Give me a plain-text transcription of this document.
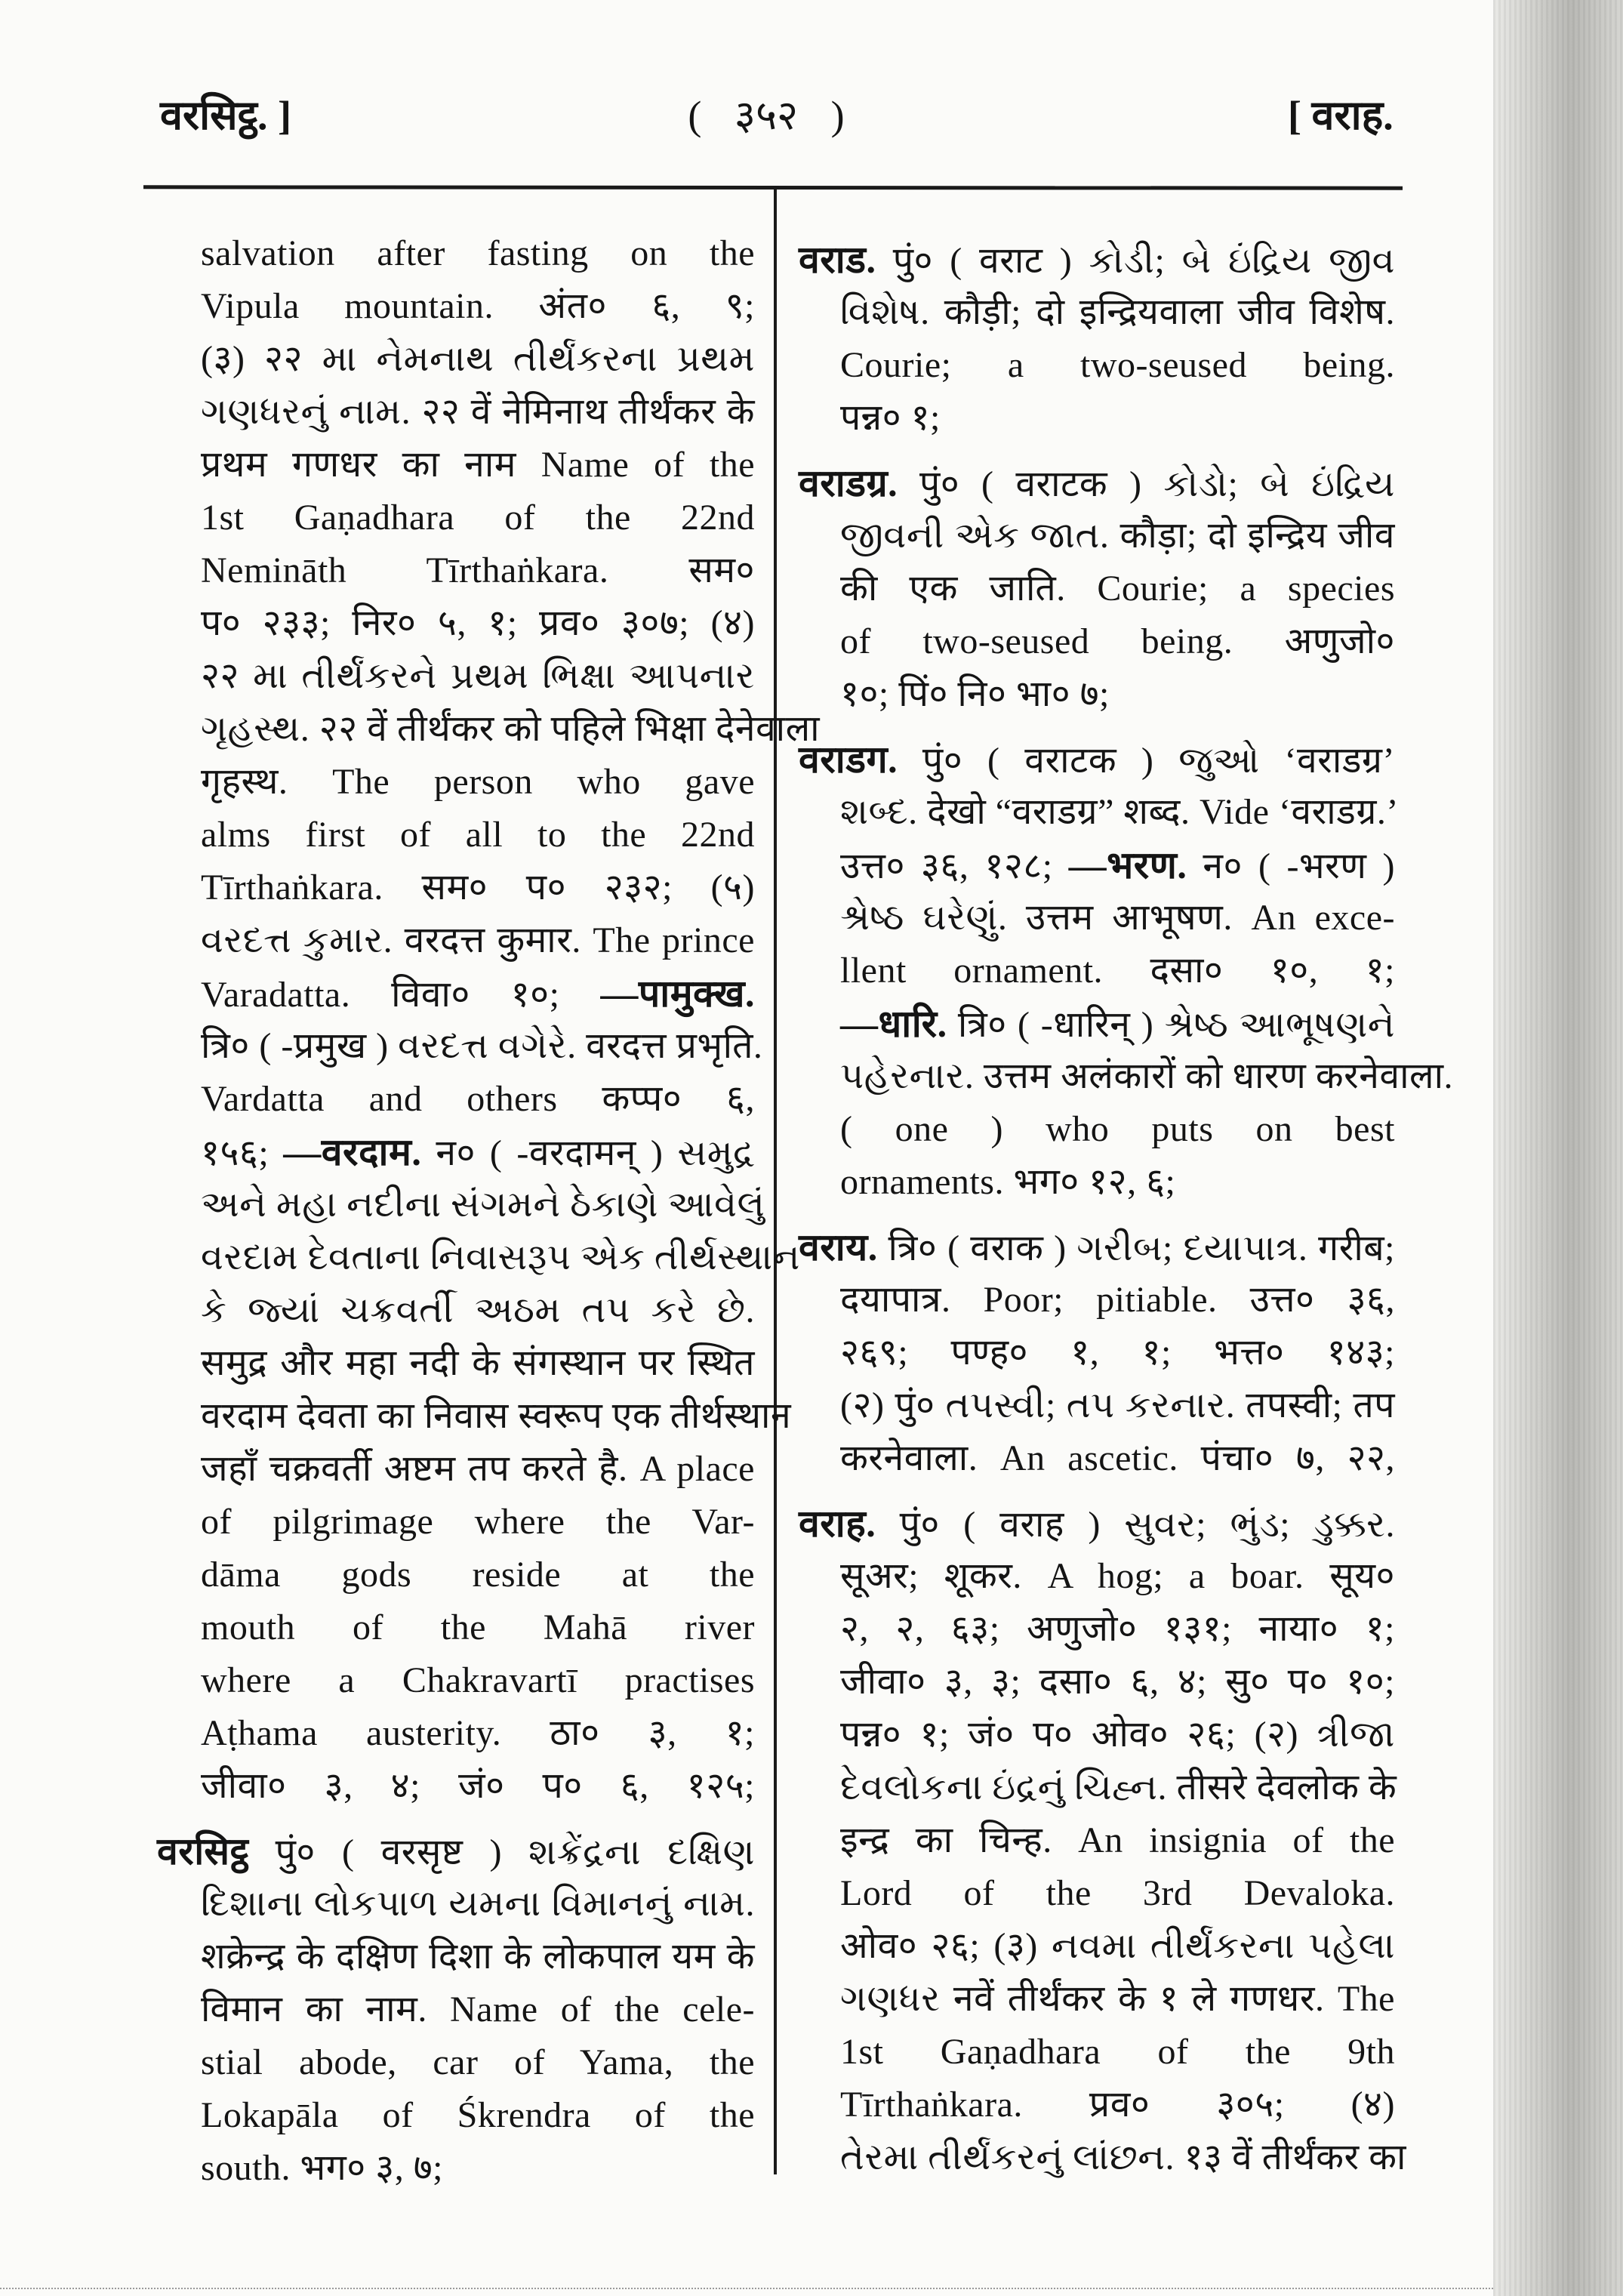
वरसिट्ठ. ]	( ३५२ )	[ वराह.
salvation after fasting on the
Vipula mountain. अंत० ६, ९;
(३) २२ મા નેમનાથ તીર્થંકરના પ્રથમ
ગણધરનું નામ. २२ वें नेमिनाथ तीर्थंकर के
प्रथम गणधर का नाम Name of the
1st Gaṇadhara of the 22nd
Nemināth Tīrthaṅkara. सम०
प० २३३; निर० ५, १; प्रव० ३०७; (४)
२२ મા તીર્થંકરને પ્રથમ ભિક્ષા આપનાર
ગૃહસ્થ. २२ वें तीर्थंकर को पहिले भिक्षा देनेवाला
गृहस्थ. The person who gave
alms first of all to the 22nd
Tīrthaṅkara. सम० प० २३२; (५)
વરદત્ત કુમાર. वरदत्त कुमार. The prince
Varadatta. विवा० १०; —पामुक्ख.
त्रि० ( -प्रमुख ) વરદત્ત વગેરે. वरदत्त प्रभृति.
Vardatta and others कप्प० ६,
१५६; —वरदाम. न० ( -वरदामन् ) સમુદ્ર
અને મહા નદીના સંગમને ઠેકાણે આવેલું
વરદામ દેવતાના નિવાસરૂપ એક તીર્થસ્થાન
કે જ્યાં ચક્રવર્તી અઠમ તપ કરે છે.
समुद्र और महा नदी के संगस्थान पर स्थित
वरदाम देवता का निवास स्वरूप एक तीर्थस्थान
जहाँ चक्रवर्ती अष्टम तप करते है. A place
of pilgrimage where the Var-
dāma gods reside at the
mouth of the Mahā river
where a Chakravartī practises
Aṭhama austerity. ठा० ३, १;
जीवा० ३, ४; जं० प० ६, १२५;
वरसिट्ठ पुं० ( वरसृष्ट ) શક્રેંદ્રના દક્ષિણ
દિશાના લોકપાળ યમના વિમાનનું નામ.
शक्रेन्द्र के दक्षिण दिशा के लोकपाल यम के
विमान का नाम. Name of the cele-
stial abode, car of Yama, the
Lokapāla of Śkrendra of the
south. भग० ३, ७;
वराड. पुं० ( वराट ) કોડી; બે ઇંદ્રિય જીવ
વિશેષ. कौड़ी; दो इन्द्रियवाला जीव विशेष.
Courie; a two-seused being.
पन्न० १;
वराडग्र. पुं० ( वराटक ) કોડો; બે ઇંદ્રિય
જીવની એક જાત. कौड़ा; दो इन्द्रिय जीव
की एक जाति. Courie; a species
of two-seused being. अणुजो०
१०; पिं० नि० भा० ७;
वराडग. पुं० ( वराटक ) જુઓ ‘वराडग्र’
શબ્દ. देखो “वराडग्र” शब्द. Vide ‘वराडग्र.’
उत्त० ३६, १२८; —भरण. न० ( -भरण )
શ્રેષ્ઠ ઘરેણું. उत्तम आभूषण. An exce-
llent ornament. दसा० १०, १;
—धारि. त्रि० ( -धारिन् ) શ્રેષ્ઠ આભૂષણને
પહેરનાર. उत्तम अलंकारों को धारण करनेवाला.
( one ) who puts on best
ornaments. भग० १२, ६;
वराय. त्रि० ( वराक ) ગરીબ; દયાપાત્ર. गरीब;
दयापात्र. Poor; pitiable. उत्त० ३६,
२६९; पण्ह० १, १; भत्त० १४३;
(२) पुं० તપસ્વી; તપ કરનાર. तपस्वी; तप
करनेवाला. An ascetic. पंचा० ७, २२,
वराह. पुं० ( वराह ) સુવર; ભુંડ; ડુક્કર.
सूअर; शूकर. A hog; a boar. सूय०
२, २, ६३; अणुजो० १३१; नाया० १;
जीवा० ३, ३; दसा० ६, ४; सु० प० १०;
पन्न० १; जं० प० ओव० २६; (२) ત્રીજા
દેવલોકના ઇંદ્રનું ચિહ્ન. तीसरे देवलोक के
इन्द्र का चिन्ह. An insignia of the
Lord of the 3rd Devaloka.
ओव० २६; (३) નવમા તીર્થંકરના પહેલા
ગણધર नवें तीर्थंकर के १ ले गणधर. The
1st Gaṇadhara of the 9th
Tīrthaṅkara. प्रव० ३०५; (४)
તેરમા તીર્થંકરનું લાંછન. १३ वें तीर्थंकर का
